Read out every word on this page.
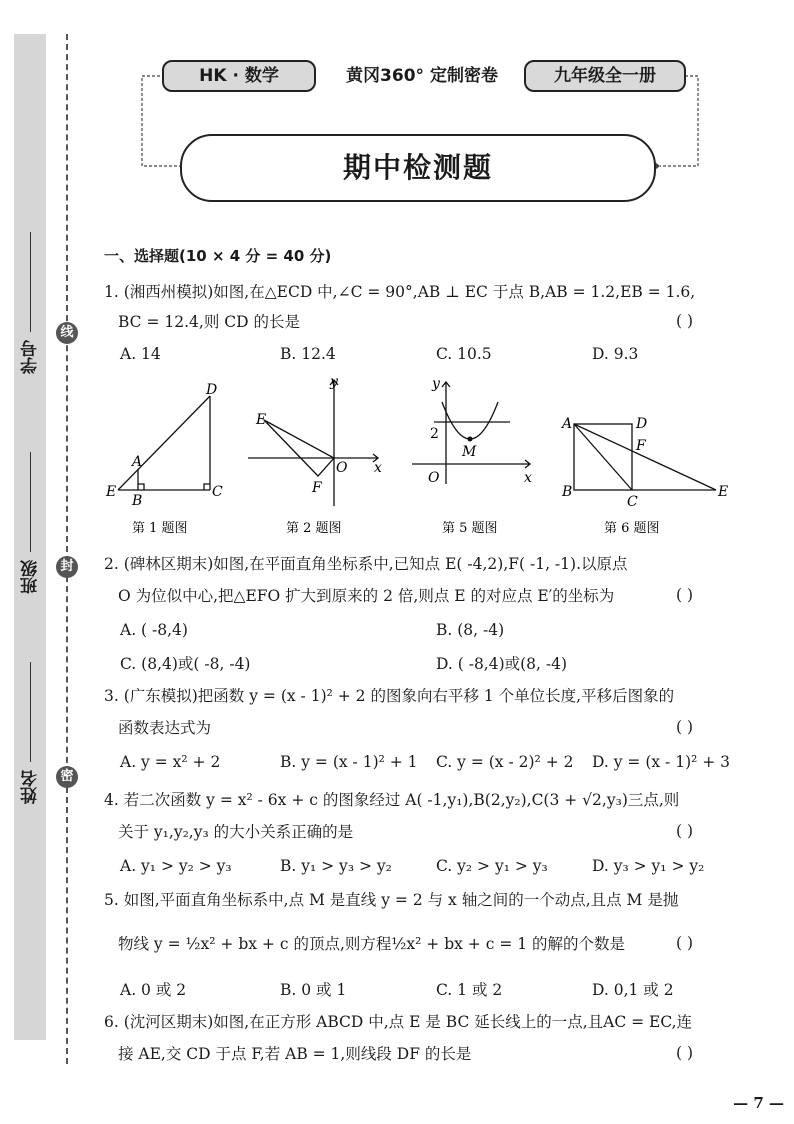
学号
班级
姓名
线
封
密
HK · 数学	黄冈360° 定制密卷	九年级全一册
期中检测题
一、选择题(10 × 4 分 = 40 分)
1. (湘西州模拟)如图,在△ECD 中,∠C = 90°,AB ⊥ EC 于点 B,AB = 1.2,EB = 1.6,
BC = 12.4,则 CD 的长是	( )
A. 14	B. 12.4	C. 10.5	D. 9.3
D
A
E
B
C
y
E
O x
F
y
2
M
O	x
A	D
F
B
C
E
第 1 题图	第 2 题图	第 5 题图	第 6 题图
2. (碑林区期末)如图,在平面直角坐标系中,已知点 E( -4,2),F( -1, -1).以原点
O 为位似中心,把△EFO 扩大到原来的 2 倍,则点 E 的对应点 E′的坐标为	( )
A. ( -8,4)	B. (8, -4)
C. (8,4)或( -8, -4)	D. ( -8,4)或(8, -4)
3. (广东模拟)把函数 y = (x - 1)² + 2 的图象向右平移 1 个单位长度,平移后图象的
函数表达式为	( )
A. y = x² + 2	B. y = (x - 1)² + 1 C. y = (x - 2)² + 2 D. y = (x - 1)² + 3
4. 若二次函数 y = x² - 6x + c 的图象经过 A( -1,y₁),B(2,y₂),C(3 + √2,y₃)三点,则
关于 y₁,y₂,y₃ 的大小关系正确的是	( )
A. y₁ > y₂ > y₃	B. y₁ > y₃ > y₂	C. y₂ > y₁ > y₃	D. y₃ > y₁ > y₂
5. 如图,平面直角坐标系中,点 M 是直线 y = 2 与 x 轴之间的一个动点,且点 M 是抛
物线 y = ½x² + bx + c 的顶点,则方程½x² + bx + c = 1 的解的个数是	( )
A. 0 或 2	B. 0 或 1	C. 1 或 2	D. 0,1 或 2
6. (沈河区期末)如图,在正方形 ABCD 中,点 E 是 BC 延长线上的一点,且AC = EC,连
接 AE,交 CD 于点 F,若 AB = 1,则线段 DF 的长是	( )
— 7 —
